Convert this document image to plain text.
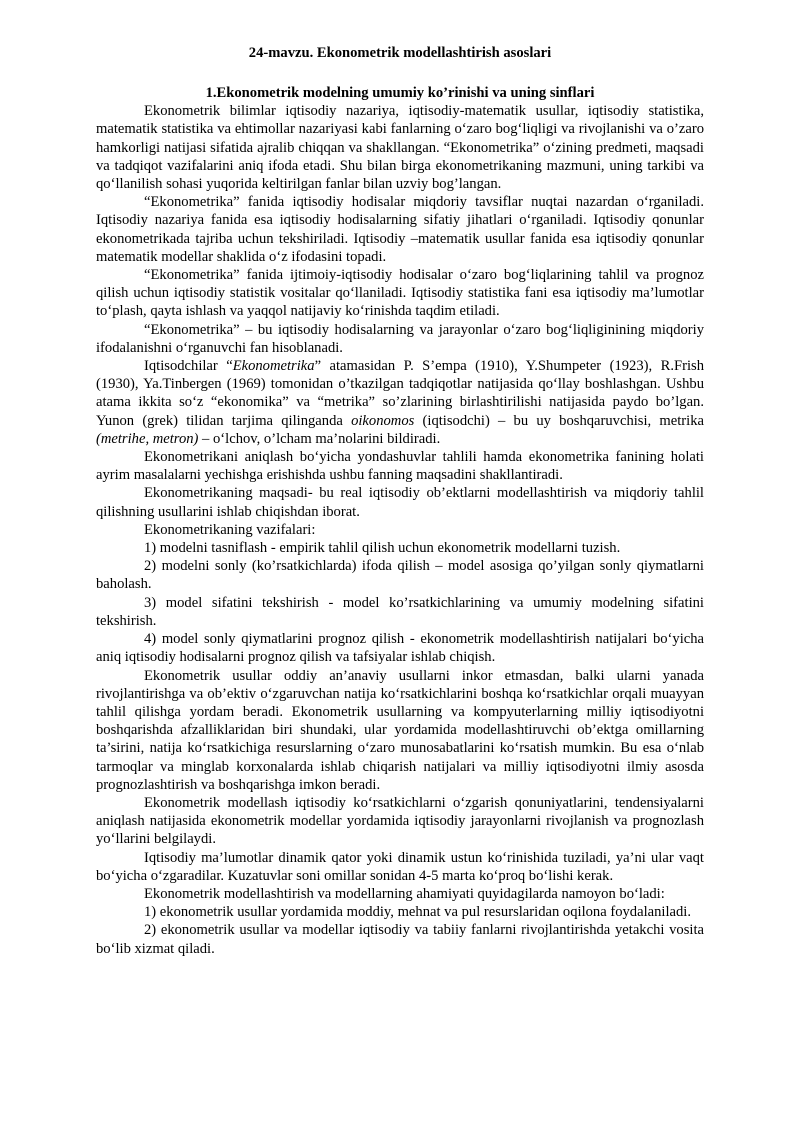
24-mavzu. Ekonometrik modellashtirish asoslari
1.Ekonometrik modelning umumiy ko’rinishi va uning sinflari

Ekonometrik bilimlar iqtisodiy nazariya, iqtisodiy-matematik usullar, iqtisodiy statistika, matematik statistika va ehtimollar nazariyasi kabi fanlarning o‘zaro bog‘liqligi va rivojlanishi va o’zaro hamkorligi natijasi sifatida ajralib chiqqan va shakllangan. “Ekonometrika” o‘zining predmeti, maqsadi va tadqiqot vazifalarini aniq ifoda etadi. Shu bilan birga ekonometrikaning mazmuni, uning tarkibi va qo‘llanilish sohasi yuqorida keltirilgan fanlar bilan uzviy bog’langan.

“Ekonometrika” fanida iqtisodiy hodisalar miqdoriy tavsiflar nuqtai nazardan o‘rganiladi. Iqtisodiy nazariya fanida esa iqtisodiy hodisalarning sifatiy jihatlari o‘rganiladi. Iqtisodiy qonunlar ekonometrikada tajriba uchun tekshiriladi. Iqtisodiy –matematik usullar fanida esa iqtisodiy qonunlar matematik modellar shaklida o‘z ifodasini topadi.

“Ekonometrika” fanida ijtimoiy-iqtisodiy hodisalar o‘zaro bog‘liqlarining tahlil va prognoz qilish uchun iqtisodiy statistik vositalar qo‘llaniladi. Iqtisodiy statistika fani esa iqtisodiy ma’lumotlar to‘plash, qayta ishlash va yaqqol natijaviy ko‘rinishda taqdim etiladi.

“Ekonometrika” – bu iqtisodiy hodisalarning va jarayonlar o‘zaro bog‘liqliginining miqdoriy ifodalanishni o‘rganuvchi fan hisoblanadi.

Iqtisodchilar “Ekonometrika” atamasidan P. S’empa (1910), Y.Shumpeter (1923), R.Frish (1930), Ya.Tinbergen (1969) tomonidan o’tkazilgan tadqiqotlar natijasida qo‘llay boshlashgan. Ushbu atama ikkita so‘z “ekonomika” va “metrika” so’zlarining birlashtirilishi natijasida paydo bo’lgan. Yunon (grek) tilidan tarjima qilinganda oikonomos (iqtisodchi) – bu uy boshqaruvchisi, metrika (metrihe, metron) – o‘lchov, o’lcham ma’nolarini bildiradi.

Ekonometrikani aniqlash bo‘yicha yondashuvlar tahlili hamda ekonometrika fanining holati ayrim masalalarni yechishga erishishda ushbu fanning maqsadini shakllantiradi.

Ekonometrikaning maqsadi- bu real iqtisodiy ob’ektlarni modellashtirish va miqdoriy tahlil qilishning usullarini ishlab chiqishdan iborat.

Ekonometrikaning vazifalari:

1) modelni tasniflash - empirik tahlil qilish uchun ekonometrik modellarni tuzish.

2) modelni sonly (ko’rsatkichlarda) ifoda qilish – model asosiga qo’yilgan sonly qiymatlarni baholash.

3) model sifatini tekshirish - model ko’rsatkichlarining va umumiy modelning sifatini tekshirish.

4) model sonly qiymatlarini prognoz qilish - ekonometrik modellashtirish natijalari bo‘yicha aniq iqtisodiy hodisalarni prognoz qilish va tafsiyalar ishlab chiqish.

Ekonometrik usullar oddiy an’anaviy usullarni inkor etmasdan, balki ularni yanada rivojlantirishga va ob’ektiv o‘zgaruvchan natija ko‘rsatkichlarini boshqa ko‘rsatkichlar orqali muayyan tahlil qilishga yordam beradi. Ekonometrik usullarning va kompyuterlarning milliy iqtisodiyotni boshqarishda afzalliklaridan biri shundaki, ular yordamida modellashtiruvchi ob’ektga omillarning ta’sirini, natija ko‘rsatkichiga resurslarning o‘zaro munosabatlarini ko‘rsatish mumkin. Bu esa o‘nlab tarmoqlar va minglab korxonalarda ishlab chiqarish natijalari va milliy iqtisodiyotni ilmiy asosda prognozlashtirish va boshqarishga imkon beradi.

Ekonometrik modellash iqtisodiy ko‘rsatkichlarni o‘zgarish qonuniyatlarini, tendensiyalarni aniqlash natijasida ekonometrik modellar yordamida iqtisodiy jarayonlarni rivojlanish va prognozlash yo‘llarini belgilaydi.

Iqtisodiy ma’lumotlar dinamik qator yoki dinamik ustun ko‘rinishida tuziladi, ya’ni ular vaqt bo‘yicha o‘zgaradilar. Kuzatuvlar soni omillar sonidan 4-5 marta ko‘proq bo‘lishi kerak.

Ekonometrik modellashtirish va modellarning ahamiyati quyidagilarda namoyon bo‘ladi:

1) ekonometrik usullar yordamida moddiy, mehnat va pul resurslaridan oqilona foydalaniladi.

2) ekonometrik usullar va modellar iqtisodiy va tabiiy fanlarni rivojlantirishda yetakchi vosita bo‘lib xizmat qiladi.
